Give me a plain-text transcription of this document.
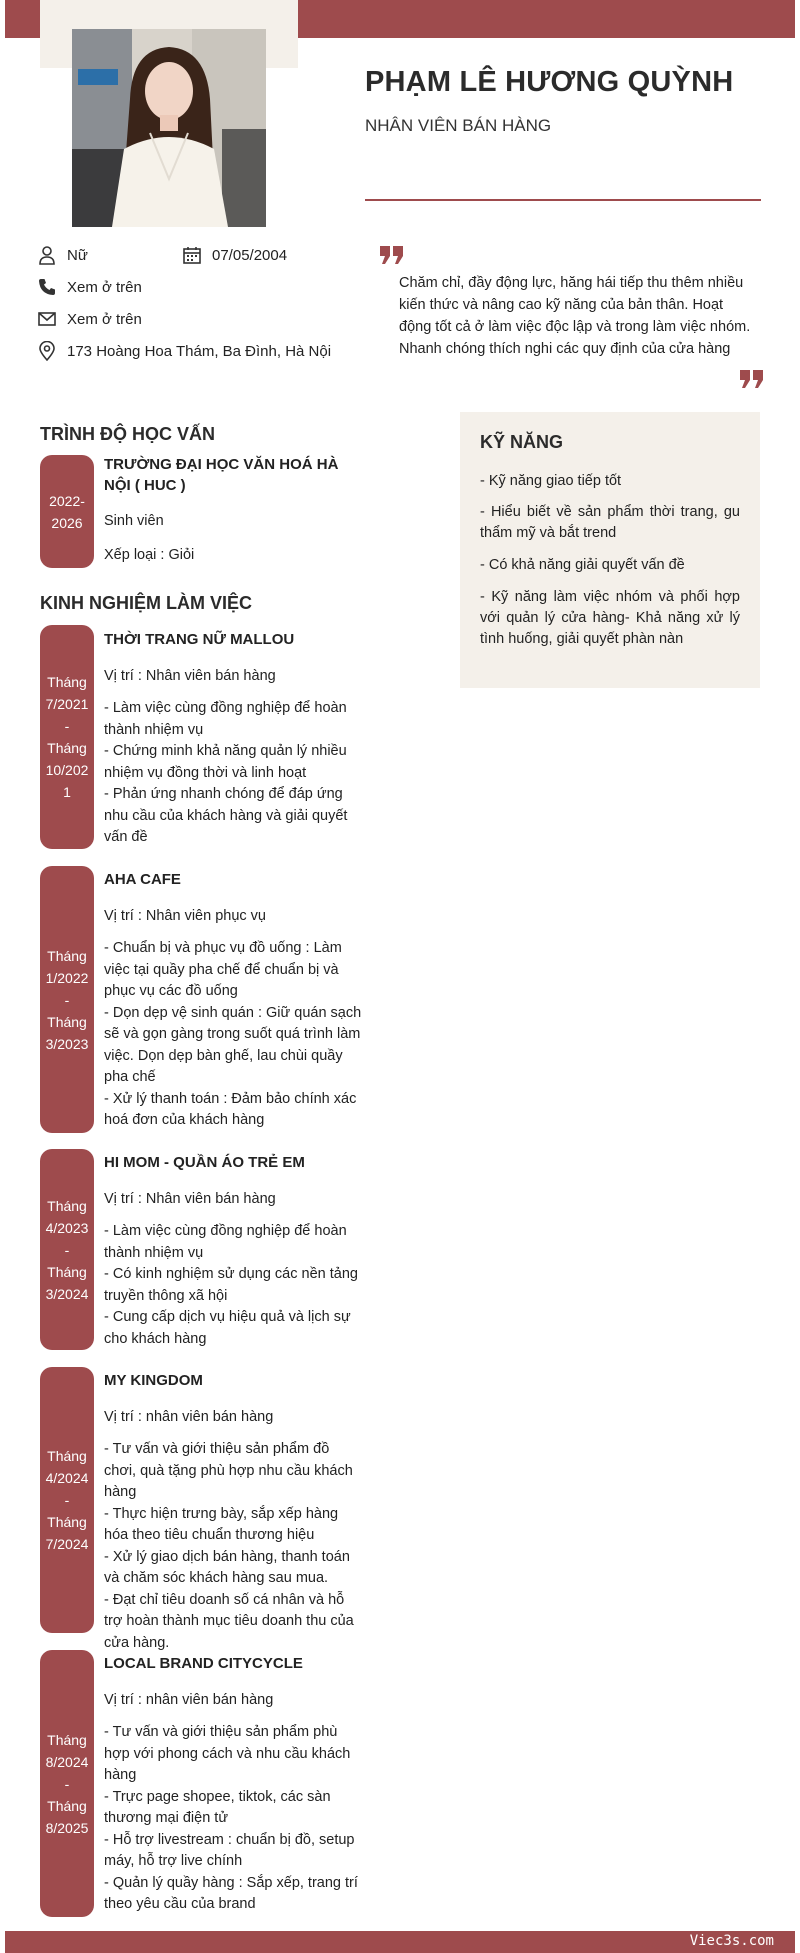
PHẠM LÊ HƯƠNG QUỲNH
NHÂN VIÊN BÁN HÀNG
Nữ	07/05/2004
Xem ở trên
Xem ở trên
173 Hoàng Hoa Thám, Ba Đình, Hà Nội
Chăm chỉ, đầy động lực, hăng hái tiếp thu thêm nhiều kiến thức và nâng cao kỹ năng của bản thân. Hoạt động tốt cả ở làm việc độc lập và trong làm việc nhóm. Nhanh chóng thích nghi các quy định của cửa hàng
TRÌNH ĐỘ HỌC VẤN
2022-2026
TRƯỜNG ĐẠI HỌC VĂN HOÁ HÀ NỘI ( HUC )
Sinh viên
Xếp loại : Giỏi
KINH NGHIỆM LÀM VIỆC
Tháng 7/2021- Tháng10/2021
THỜI TRANG NỮ MALLOU
Vị trí : Nhân viên bán hàng
- Làm việc cùng đồng nghiệp để hoàn thành nhiệm vụ
- Chứng minh khả năng quản lý nhiều nhiệm vụ đồng thời và linh hoạt
- Phản ứng nhanh chóng để đáp ứng nhu cầu của khách hàng và giải quyết vấn đề
Tháng 1/2022 - Tháng 3/2023
AHA CAFE
Vị trí : Nhân viên phục vụ
- Chuẩn bị và phục vụ đồ uống : Làm việc tại quầy pha chế để chuẩn bị và phục vụ các đồ uống
- Dọn dẹp vệ sinh quán : Giữ quán sạch sẽ và gọn gàng trong suốt quá trình làm việc. Dọn dẹp bàn ghế, lau chùi quầy pha chế
- Xử lý thanh toán : Đảm bảo chính xác hoá đơn của khách hàng
Tháng 4/2023- Tháng 3/2024
HI MOM - QUẦN ÁO TRẺ EM
Vị trí : Nhân viên bán hàng
- Làm việc cùng đồng nghiệp để hoàn thành nhiệm vụ
- Có kinh nghiệm sử dụng các nền tảng truyền thông xã hội
- Cung cấp dịch vụ hiệu quả và lịch sự cho khách hàng
Tháng 4/2024 - Tháng 7/2024
MY KINGDOM
Vị trí : nhân viên bán hàng
- Tư vấn và giới thiệu sản phẩm đồ chơi, quà tặng phù hợp nhu cầu khách hàng
- Thực hiện trưng bày, sắp xếp hàng hóa theo tiêu chuẩn thương hiệu
- Xử lý giao dịch bán hàng, thanh toán và chăm sóc khách hàng sau mua.
- Đạt chỉ tiêu doanh số cá nhân và hỗ trợ hoàn thành mục tiêu doanh thu của cửa hàng.
Tháng 8/2024 - Tháng 8/2025
LOCAL BRAND CITYCYCLE
Vị trí : nhân viên bán hàng
- Tư vấn và giới thiệu sản phẩm phù hợp với phong cách và nhu cầu khách hàng
- Trực page shopee, tiktok, các sàn thương mại điện tử
- Hỗ trợ livestream : chuẩn bị đồ, setup máy, hỗ trợ live chính
- Quản lý quầy hàng : Sắp xếp, trang trí theo yêu cầu của brand
KỸ NĂNG
- Kỹ năng giao tiếp tốt
- Hiểu biết về sản phẩm thời trang, gu thẩm mỹ và bắt trend
- Có khả năng giải quyết vấn đề
- Kỹ năng làm việc nhóm và phối hợp với quản lý cửa hàng- Khả năng xử lý tình huống, giải quyết phàn nàn
Viec3s.com
